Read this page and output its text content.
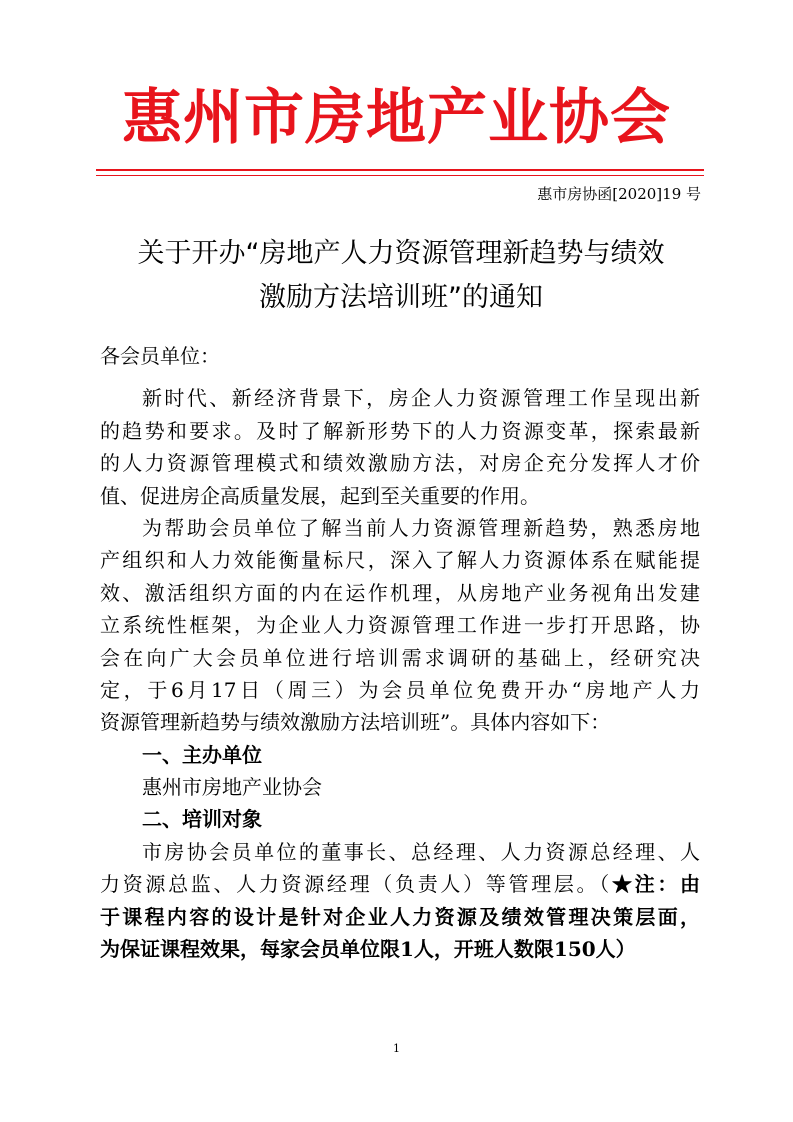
惠州市房地产业协会
惠市房协函[2020]19 号
关于开办“房地产人力资源管理新趋势与绩效
激励方法培训班”的通知
各会员单位：
新时代、新经济背景下，房企人力资源管理工作呈现出新
的趋势和要求。及时了解新形势下的人力资源变革，探索最新
的人力资源管理模式和绩效激励方法，对房企充分发挥人才价
值、促进房企高质量发展，起到至关重要的作用。
为帮助会员单位了解当前人力资源管理新趋势，熟悉房地
产组织和人力效能衡量标尺，深入了解人力资源体系在赋能提
效、激活组织方面的内在运作机理，从房地产业务视角出发建
立系统性框架，为企业人力资源管理工作进一步打开思路，协
会在向广大会员单位进行培训需求调研的基础上，经研究决
定，于6月17日（周三）为会员单位免费开办“房地产人力
资源管理新趋势与绩效激励方法培训班”。具体内容如下：
一、主办单位
惠州市房地产业协会
二、培训对象
市房协会员单位的董事长、总经理、人力资源总经理、人
力资源总监、人力资源经理（负责人）等管理层。（★注：由
于课程内容的设计是针对企业人力资源及绩效管理决策层面，
为保证课程效果，每家会员单位限1人，开班人数限150人）
1
